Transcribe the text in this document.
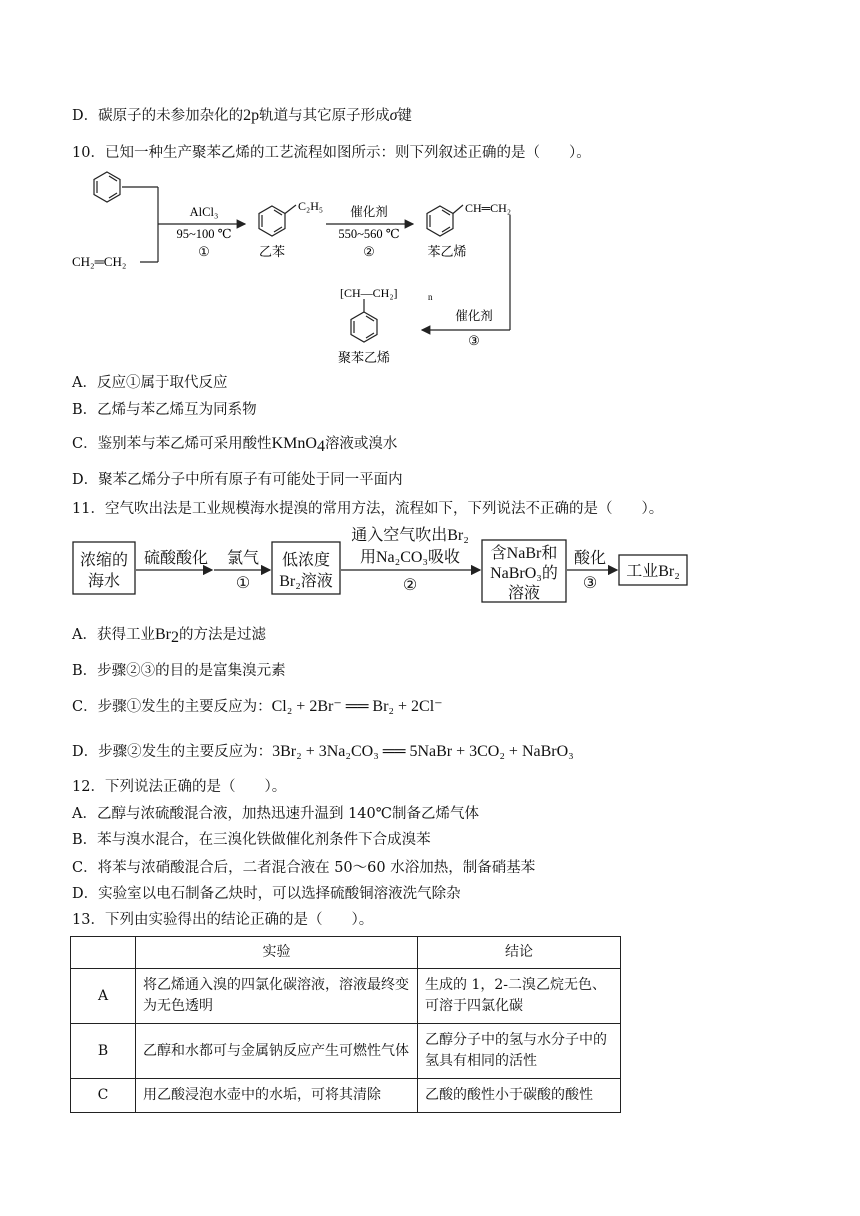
D．碳原子的未参加杂化的2p轨道与其它原子形成σ键
10．已知一种生产聚苯乙烯的工艺流程如图所示：则下列叙述正确的是（　　）。
CH₂═CH₂
AlCl₃
95~100 ℃
①
C₂H₅
乙苯
催化剂
550~560 ℃
②
CH═CH₂
苯乙烯
催化剂
③
[CH—CH₂]	n
聚苯乙烯
A．反应①属于取代反应
B．乙烯与苯乙烯互为同系物
C．鉴别苯与苯乙烯可采用酸性KMnO$_4$溶液或溴水
D．聚苯乙烯分子中所有原子有可能处于同一平面内
11．空气吹出法是工业规模海水提溴的常用方法，流程如下，下列说法不正确的是（　　）。
浓缩的
海水
硫酸酸化 氯气
①
低浓度
Br₂溶液
通入空气吹出Br₂
用Na₂CO₃吸收
②
含NaBr和
NaBrO₃的
溶液
酸化
③
工业Br₂
A．获得工业$Br_2$的方法是过滤
B．步骤②③的目的是富集溴元素
C．步骤①发生的主要反应为：Cl₂ + 2Br⁻ ══ Br₂ + 2Cl⁻
D．步骤②发生的主要反应为：3Br₂ + 3Na₂CO₃ ══ 5NaBr + 3CO₂ + NaBrO₃
12．下列说法正确的是（　　）。
A．乙醇与浓硫酸混合液，加热迅速升温到 140℃制备乙烯气体
B．苯与溴水混合，在三溴化铁做催化剂条件下合成溴苯
C．将苯与浓硝酸混合后，二者混合液在 50～60 水浴加热，制备硝基苯
D．实验室以电石制备乙炔时，可以选择硫酸铜溶液洗气除杂
13．下列由实验得出的结论正确的是（　　）。
	实验	结论
A	将乙烯通入溴的四氯化碳溶液，溶液最终变为无色透明	生成的 1，2-二溴乙烷无色、可溶于四氯化碳
B	乙醇和水都可与金属钠反应产生可燃性气体	乙醇分子中的氢与水分子中的氢具有相同的活性
C	用乙酸浸泡水壶中的水垢，可将其清除	乙酸的酸性小于碳酸的酸性
